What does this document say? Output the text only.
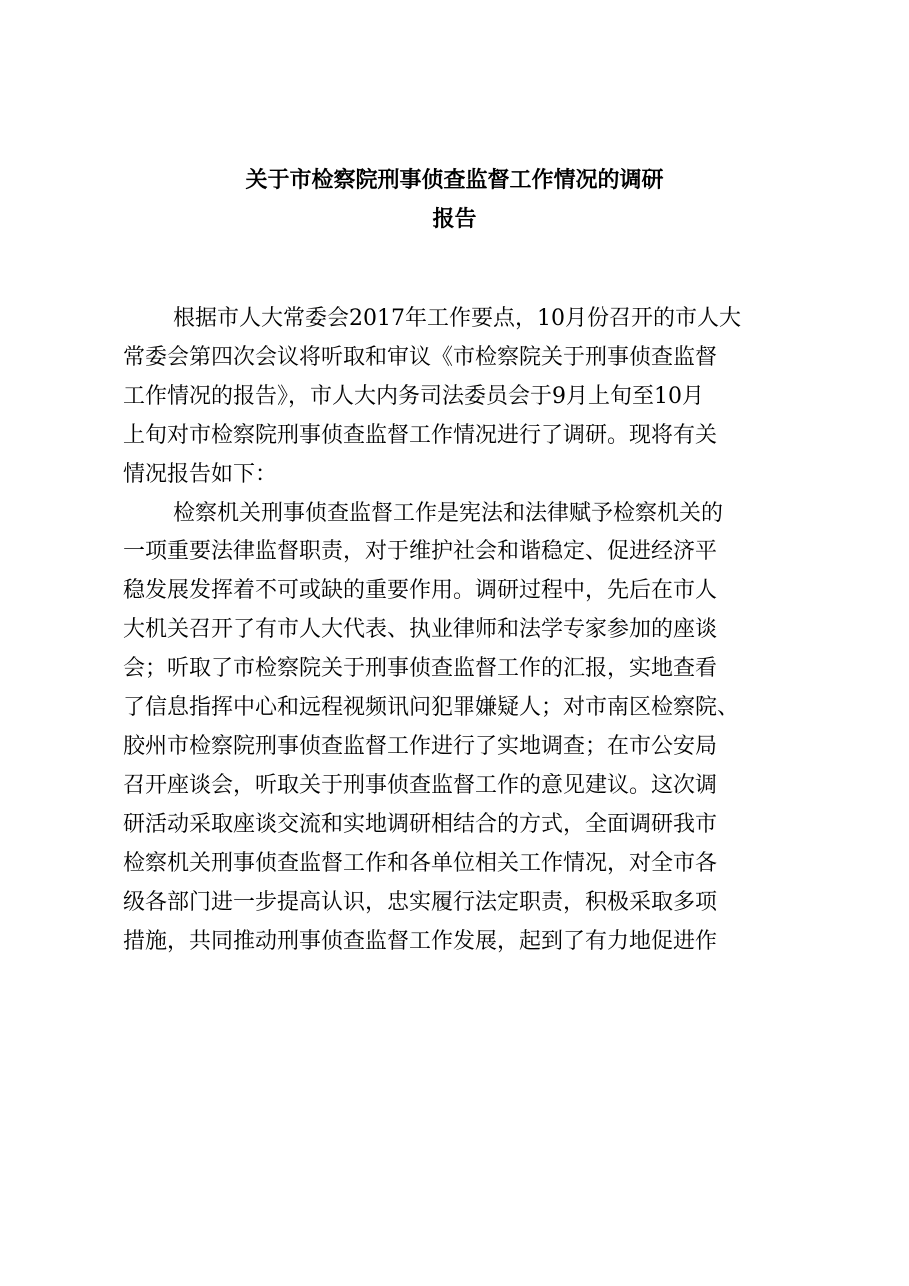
关于市检察院刑事侦查监督工作情况的调研
报告
根据市人大常委会2017年工作要点，10月份召开的市人大
常委会第四次会议将听取和审议《市检察院关于刑事侦查监督
工作情况的报告》，市人大内务司法委员会于9月上旬至10月
上旬对市检察院刑事侦查监督工作情况进行了调研。现将有关
情况报告如下：
检察机关刑事侦查监督工作是宪法和法律赋予检察机关的
一项重要法律监督职责，对于维护社会和谐稳定、促进经济平
稳发展发挥着不可或缺的重要作用。调研过程中，先后在市人
大机关召开了有市人大代表、执业律师和法学专家参加的座谈
会；听取了市检察院关于刑事侦查监督工作的汇报，实地查看
了信息指挥中心和远程视频讯问犯罪嫌疑人；对市南区检察院、
胶州市检察院刑事侦查监督工作进行了实地调查；在市公安局
召开座谈会，听取关于刑事侦查监督工作的意见建议。这次调
研活动采取座谈交流和实地调研相结合的方式，全面调研我市
检察机关刑事侦查监督工作和各单位相关工作情况，对全市各
级各部门进一步提高认识，忠实履行法定职责，积极采取多项
措施，共同推动刑事侦查监督工作发展，起到了有力地促进作
